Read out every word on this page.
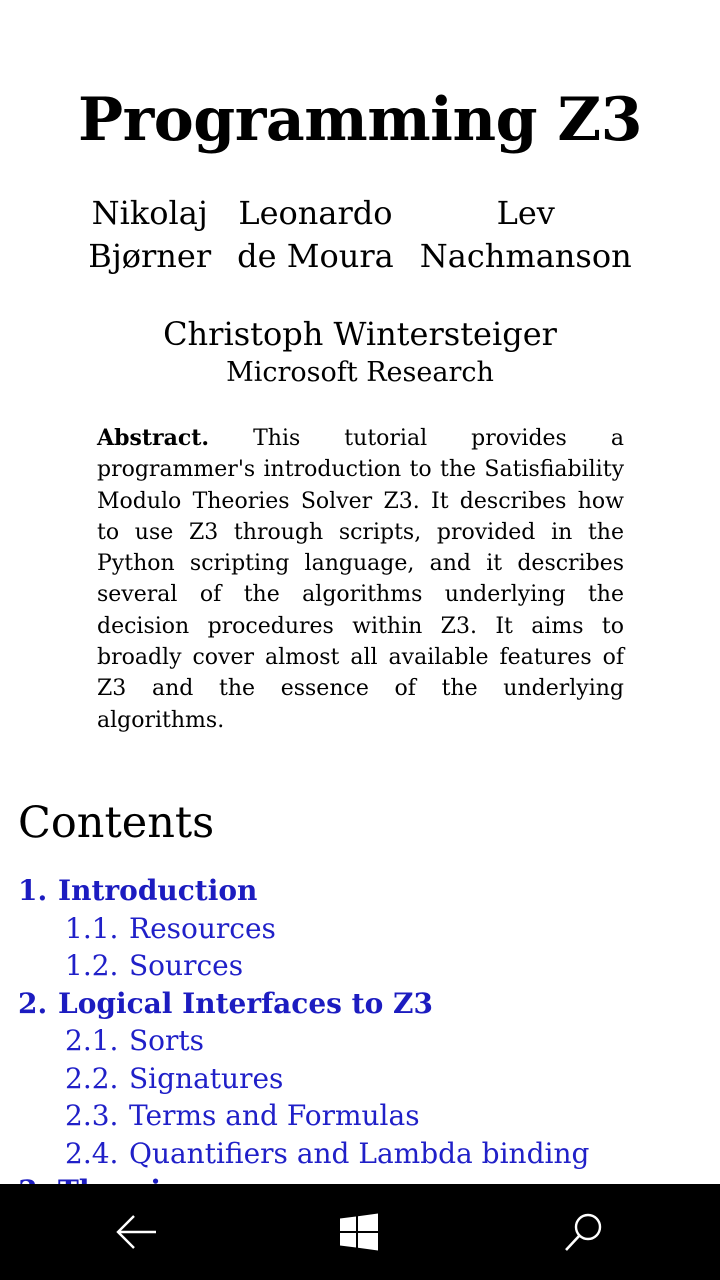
Programming Z3
Nikolaj
Bjørner
Leonardo
de Moura
Lev
Nachmanson
Christoph Wintersteiger
Microsoft Research
Abstract. This tutorial provides a programmer's introduction to the Satisfiability Modulo Theories Solver Z3. It describes how to use Z3 through scripts, provided in the Python scripting language, and it describes several of the algorithms underlying the decision procedures within Z3. It aims to broadly cover almost all available features of Z3 and the essence of the underlying algorithms.
Contents
1. Introduction
1.1. Resources
1.2. Sources
2. Logical Interfaces to Z3
2.1. Sorts
2.2. Signatures
2.3. Terms and Formulas
2.4. Quantifiers and Lambda binding
